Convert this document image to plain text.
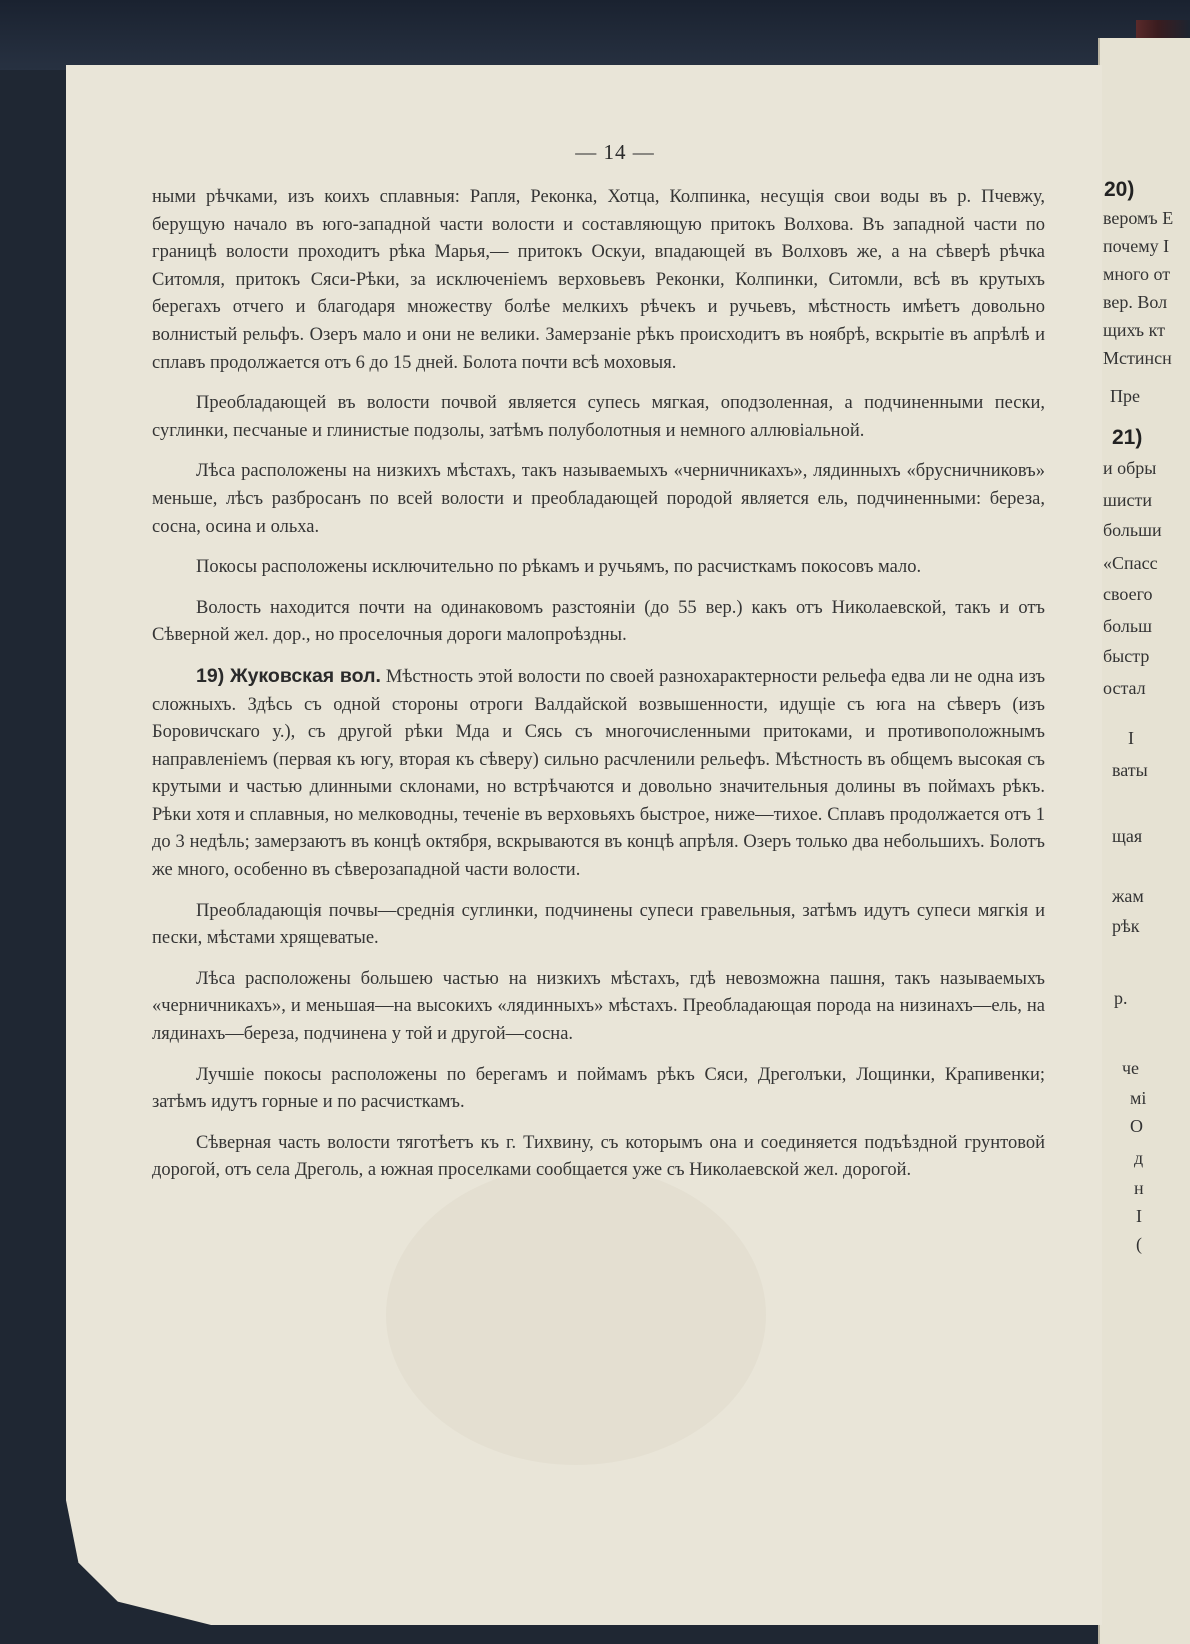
20)
веромъ Е
почему I
много от
вер. Вол
щихъ кт
Мстинсн
Пре
21)
и обры
шисти
больши
«Спасс
своего
больш
быстр
остал
I
ваты
щая
жам
рѣк
р.
че
мі
О
д
н
I
(
— 14 —

ными рѣчками, изъ коихъ сплавныя: Рапля, Реконка, Хотца, Колпинка, несущія свои воды въ р. Пчевжу, берущую начало въ юго-западной части волости и составляющую притокъ Волхова. Въ западной части по границѣ волости проходитъ рѣка Марья,— притокъ Оскуи, впадающей въ Волховъ же, а на сѣверѣ рѣчка Ситомля, притокъ Сяси-Рѣки, за исключеніемъ верховьевъ Реконки, Колпинки, Ситомли, всѣ въ крутыхъ берегахъ отчего и благодаря множеству болѣе мелкихъ рѣчекъ и ручьевъ, мѣстность имѣетъ довольно волнистый рельфъ. Озеръ мало и они не велики. Замерзаніе рѣкъ происходитъ въ ноябрѣ, вскрытіе въ апрѣлѣ и сплавъ продолжается отъ 6 до 15 дней. Болота почти всѣ моховыя.

Преобладающей въ волости почвой является супесь мягкая, оподзоленная, а подчиненными пески, суглинки, песчаные и глинистые подзолы, затѣмъ полуболотныя и немного аллювіальной.

Лѣса расположены на низкихъ мѣстахъ, такъ называемыхъ «черничникахъ», лядинныхъ «брусничниковъ» меньше, лѣсъ разбросанъ по всей волости и преобладающей породой является ель, подчиненными: береза, сосна, осина и ольха.

Покосы расположены исключительно по рѣкамъ и ручьямъ, по расчисткамъ покосовъ мало.

Волость находится почти на одинаковомъ разстояніи (до 55 вер.) какъ отъ Николаевской, такъ и отъ Сѣверной жел. дор., но проселочныя дороги малопроѣздны.

19) Жуковская вол. Мѣстность этой волости по своей разнохарактерности рельефа едва ли не одна изъ сложныхъ. Здѣсь съ одной стороны отроги Валдайской возвышенности, идущіе съ юга на сѣверъ (изъ Боровичскаго у.), съ другой рѣки Мда и Сясь съ многочисленными притоками, и противоположнымъ направленіемъ (первая къ югу, вторая къ сѣверу) сильно расчленили рельефъ. Мѣстность въ общемъ высокая съ крутыми и частью длинными склонами, но встрѣчаются и довольно значительныя долины въ поймахъ рѣкъ. Рѣки хотя и сплавныя, но мелководны, теченіе въ верховьяхъ быстрое, ниже—тихое. Сплавъ продолжается отъ 1 до 3 недѣль; замерзаютъ въ концѣ октября, вскрываются въ концѣ апрѣля. Озеръ только два небольшихъ. Болотъ же много, особенно въ сѣверозападной части волости.

Преобладающія почвы—среднія суглинки, подчинены супеси гравельныя, затѣмъ идутъ супеси мягкія и пески, мѣстами хрящеватые.

Лѣса расположены большею частью на низкихъ мѣстахъ, гдѣ невозможна пашня, такъ называемыхъ «черничникахъ», и меньшая—на высокихъ «лядинныхъ» мѣстахъ. Преобладающая порода на низинахъ—ель, на лядинахъ—береза, подчинена у той и другой—сосна.

Лучшіе покосы расположены по берегамъ и поймамъ рѣкъ Сяси, Дреголъки, Лощинки, Крапивенки; затѣмъ идутъ горные и по расчисткамъ.

Сѣверная часть волости тяготѣетъ къ г. Тихвину, съ которымъ она и соединяется подъѣздной грунтовой дорогой, отъ села Дреголь, а южная проселками сообщается уже съ Николаевской жел. дорогой.
